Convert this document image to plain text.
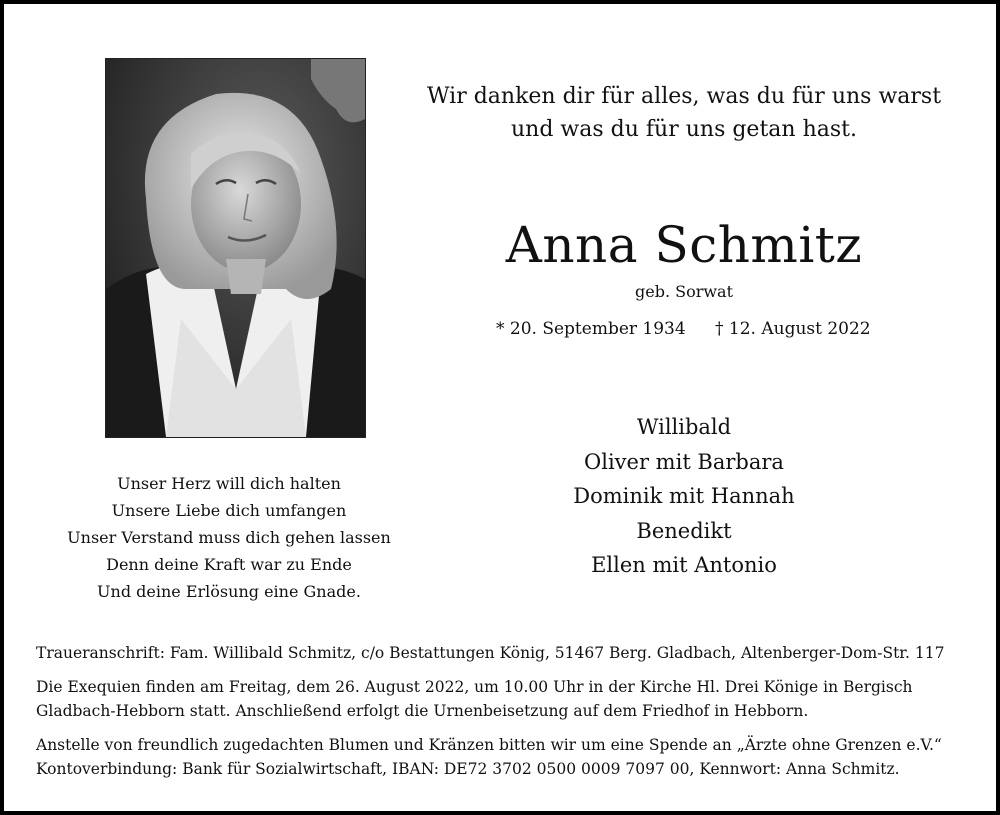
Wir danken dir für alles, was du für uns warst
und was du für uns getan hast.
Anna Schmitz
geb. Sorwat
* 20. September 1934 † 12. August 2022
Willibald
Oliver mit Barbara
Dominik mit Hannah
Benedikt
Ellen mit Antonio
Unser Herz will dich halten
Unsere Liebe dich umfangen
Unser Verstand muss dich gehen lassen
Denn deine Kraft war zu Ende
Und deine Erlösung eine Gnade.

Traueranschrift: Fam. Willibald Schmitz, c/o Bestattungen König, 51467 Berg. Gladbach, Altenberger-Dom-Str. 117

Die Exequien finden am Freitag, dem 26. August 2022, um 10.00 Uhr in der Kirche Hl. Drei Könige in Bergisch
Gladbach-Hebborn statt. Anschließend erfolgt die Urnenbeisetzung auf dem Friedhof in Hebborn.

Anstelle von freundlich zugedachten Blumen und Kränzen bitten wir um eine Spende an „Ärzte ohne Grenzen e.V.“
Kontoverbindung: Bank für Sozialwirtschaft, IBAN: DE72 3702 0500 0009 7097 00, Kennwort: Anna Schmitz.
